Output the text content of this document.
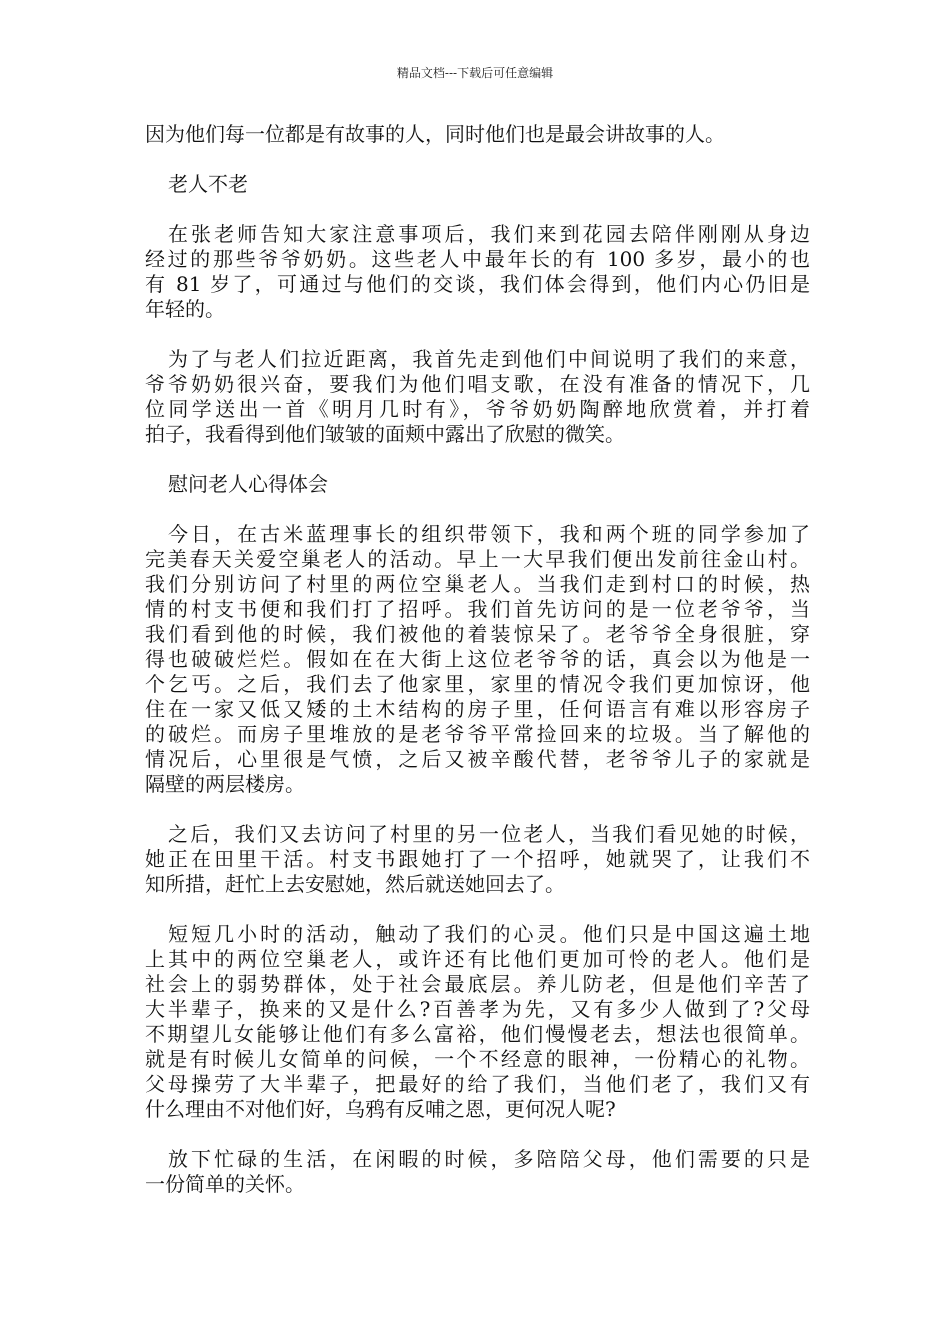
精品文档---下载后可任意编辑
因为他们每一位都是有故事的人，同时他们也是最会讲故事的人。
老人不老
在张老师告知大家注意事项后，我们来到花园去陪伴刚刚从身边
经过的那些爷爷奶奶。这些老人中最年长的有 100 多岁，最小的也
有 81 岁了，可通过与他们的交谈，我们体会得到，他们内心仍旧是
年轻的。
为了与老人们拉近距离，我首先走到他们中间说明了我们的来意，
爷爷奶奶很兴奋，要我们为他们唱支歌，在没有准备的情况下，几
位同学送出一首《明月几时有》，爷爷奶奶陶醉地欣赏着，并打着
拍子，我看得到他们皱皱的面颊中露出了欣慰的微笑。
慰问老人心得体会
今日，在古米蓝理事长的组织带领下，我和两个班的同学参加了
完美春天关爱空巢老人的活动。早上一大早我们便出发前往金山村。
我们分别访问了村里的两位空巢老人。当我们走到村口的时候，热
情的村支书便和我们打了招呼。我们首先访问的是一位老爷爷，当
我们看到他的时候，我们被他的着装惊呆了。老爷爷全身很脏，穿
得也破破烂烂。假如在在大街上这位老爷爷的话，真会以为他是一
个乞丐。之后，我们去了他家里，家里的情况令我们更加惊讶，他
住在一家又低又矮的土木结构的房子里，任何语言有难以形容房子
的破烂。而房子里堆放的是老爷爷平常捡回来的垃圾。当了解他的
情况后，心里很是气愤，之后又被辛酸代替，老爷爷儿子的家就是
隔壁的两层楼房。
之后，我们又去访问了村里的另一位老人，当我们看见她的时候，
她正在田里干活。村支书跟她打了一个招呼，她就哭了，让我们不
知所措，赶忙上去安慰她，然后就送她回去了。
短短几小时的活动，触动了我们的心灵。他们只是中国这遍土地
上其中的两位空巢老人，或许还有比他们更加可怜的老人。他们是
社会上的弱势群体，处于社会最底层。养儿防老，但是他们辛苦了
大半辈子，换来的又是什么?百善孝为先，又有多少人做到了?父母
不期望儿女能够让他们有多么富裕，他们慢慢老去，想法也很简单。
就是有时候儿女简单的问候，一个不经意的眼神，一份精心的礼物。
父母操劳了大半辈子，把最好的给了我们，当他们老了，我们又有
什么理由不对他们好，乌鸦有反哺之恩，更何况人呢?
放下忙碌的生活，在闲暇的时候，多陪陪父母，他们需要的只是
一份简单的关怀。
